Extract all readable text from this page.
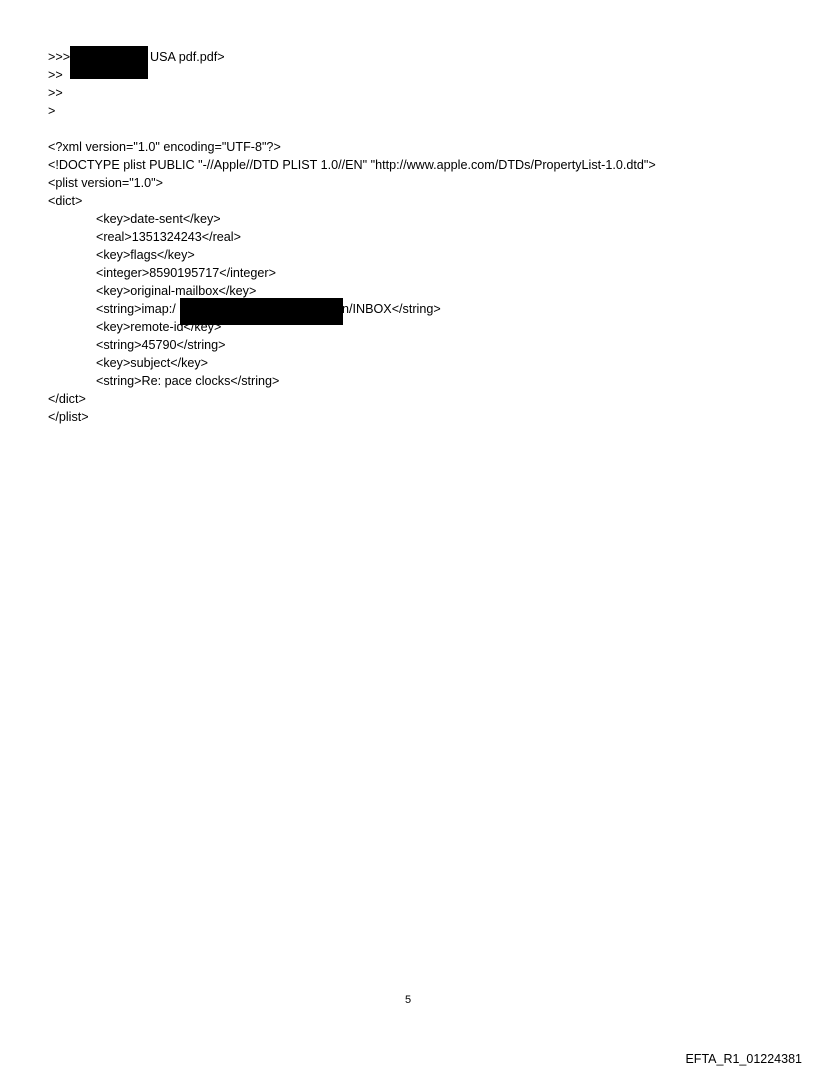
>>>	USA pdf.pdf>
>>
>>
>
<?xml version="1.0" encoding="UTF-8"?>
<!DOCTYPE plist PUBLIC "-//Apple//DTD PLIST 1.0//EN" "http://www.apple.com/DTDs/PropertyList-1.0.dtd">
<plist version="1.0">
<dict>
<key>date-sent</key>
<real>1351324243</real>
<key>flags</key>
<integer>8590195717</integer>
<key>original-mailbox</key>
<string>imap:/	n/INBOX</string>
<key>remote-id</key>
<string>45790</string>
<key>subject</key>
<string>Re: pace clocks</string>
</dict>
</plist>
5
EFTA_R1_01224381
